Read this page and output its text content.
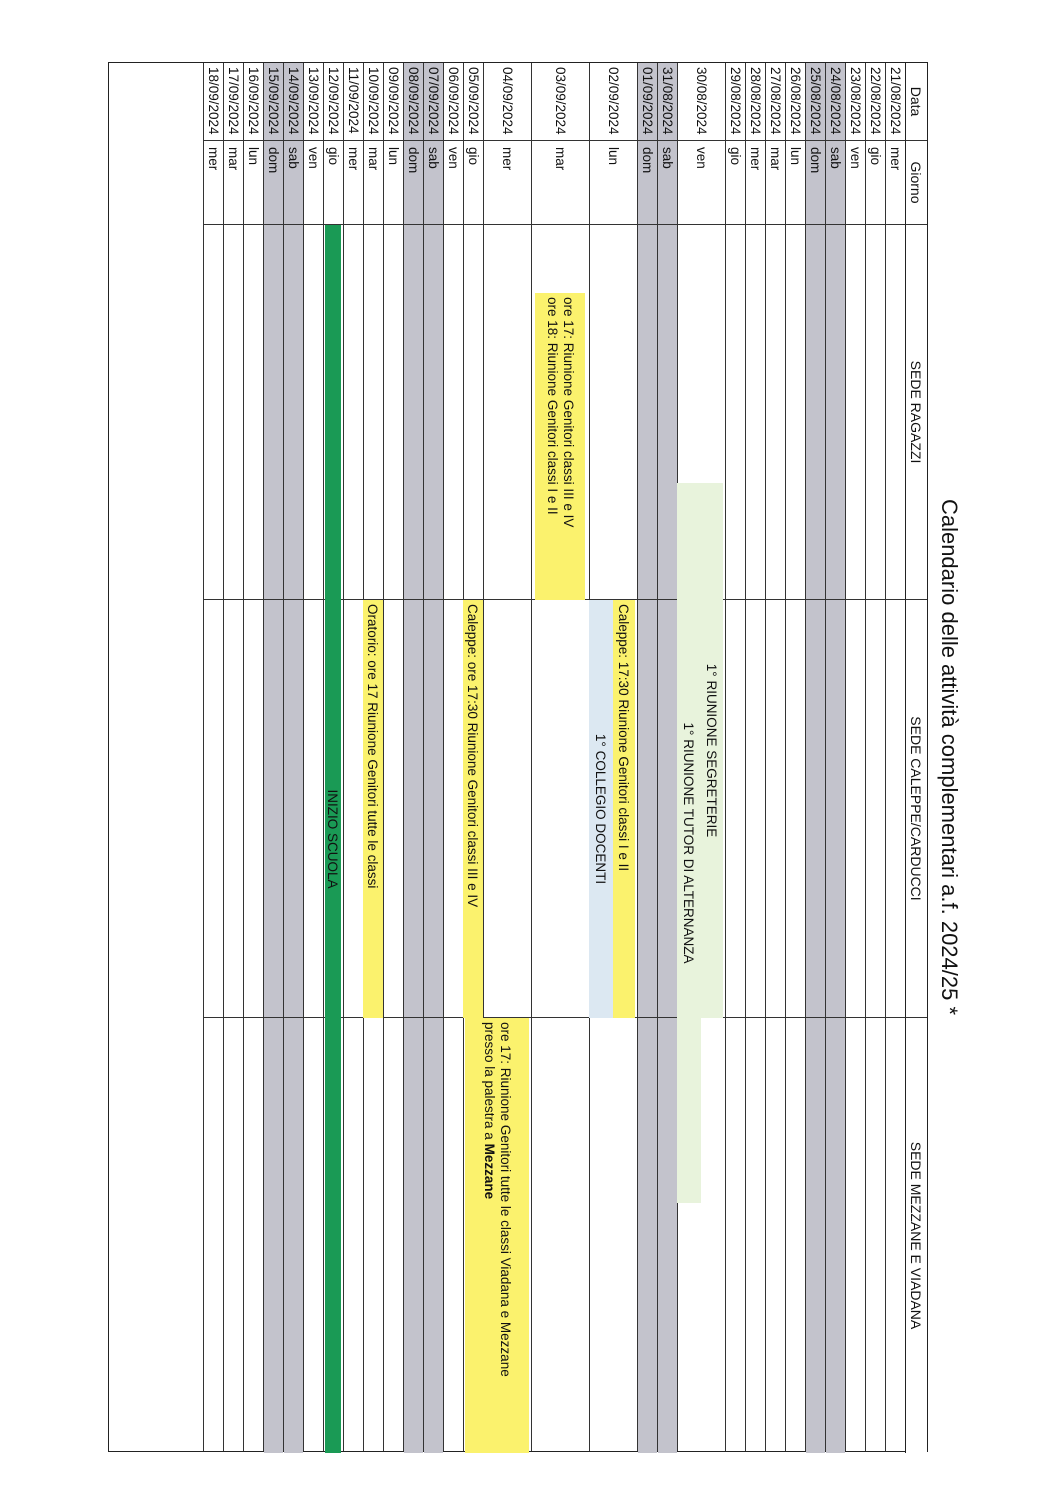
Calendario delle attività complementari a.f. 2024/25 *
Data
Giorno
SEDE RAGAZZI
SEDE CALEPPE/CARDUCCI
SEDE MEZZANE E VIADANA
21/08/2024
mer
22/08/2024
gio
23/08/2024
ven
24/08/2024
sab
25/08/2024
dom
26/08/2024
lun
27/08/2024
mar
28/08/2024
mer
29/08/2024
gio
30/08/2024
ven
31/08/2024
sab
01/09/2024
dom
02/09/2024
lun
03/09/2024
mar
04/09/2024
mer
05/09/2024
gio
06/09/2024
ven
07/09/2024
sab
08/09/2024
dom
09/09/2024
lun
10/09/2024
mar
11/09/2024
mer
12/09/2024
gio
13/09/2024
ven
14/09/2024
sab
15/09/2024
dom
16/09/2024
lun
17/09/2024
mar
18/09/2024
mer
1° RIUNIONE SEGRETERIE
1° RIUNIONE TUTOR DI ALTERNANZA
Caleppe: 17:30 Riunione Genitori classi I e II
1° COLLEGIO DOCENTI
ore 17: Riunione Genitori classi III e IV
ore 18: Riunione Genitori classi I e II
ore 17: Riunione Genitori tutte le classi Viadana e Mezzane
presso la palestra a Mezzane
Caleppe: ore 17:30 Riunione Genitori classi III e IV
Oratorio: ore 17 Riunione Genitori tutte le classi
INIZIO SCUOLA
